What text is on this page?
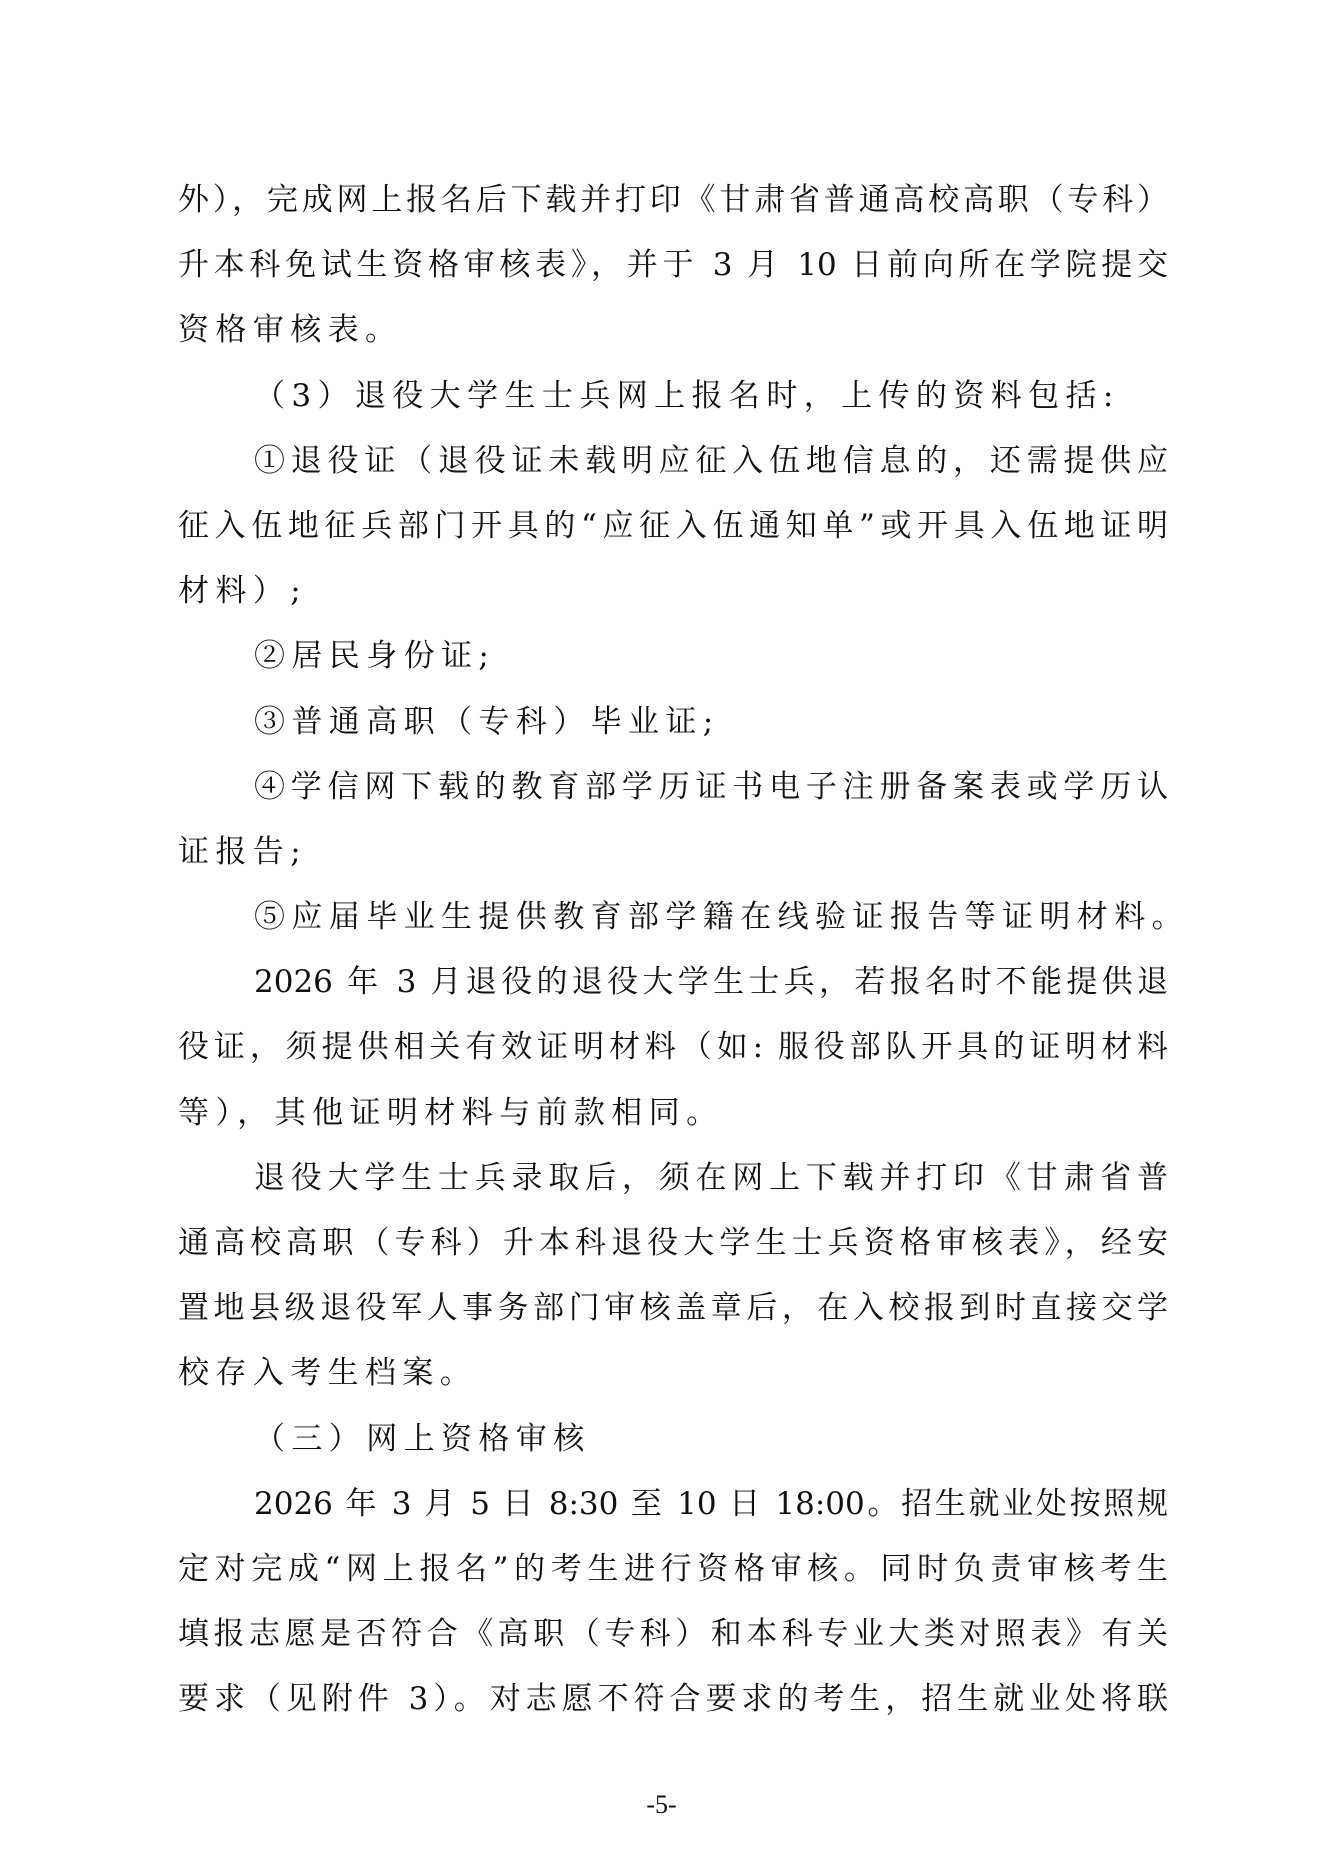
外），完成网上报名后下载并打印《甘肃省普通高校高职（专科）
升本科免试生资格审核表》，并于 3 月 10 日前向所在学院提交
资格审核表。
（3）退役大学生士兵网上报名时，上传的资料包括:
①退役证（退役证未载明应征入伍地信息的，还需提供应
征入伍地征兵部门开具的“应征入伍通知单”或开具入伍地证明
材料）;
②居民身份证;
③普通高职（专科）毕业证;
④学信网下载的教育部学历证书电子注册备案表或学历认
证报告;
⑤应届毕业生提供教育部学籍在线验证报告等证明材料。
2026 年 3 月退役的退役大学生士兵，若报名时不能提供退
役证，须提供相关有效证明材料（如: 服役部队开具的证明材料
等），其他证明材料与前款相同。
退役大学生士兵录取后，须在网上下载并打印《甘肃省普
通高校高职（专科）升本科退役大学生士兵资格审核表》，经安
置地县级退役军人事务部门审核盖章后，在入校报到时直接交学
校存入考生档案。
（三）网上资格审核
2026 年 3 月 5 日 8:30 至 10 日 18:00。招生就业处按照规
定对完成“网上报名”的考生进行资格审核。同时负责审核考生
填报志愿是否符合《高职（专科）和本科专业大类对照表》有关
要求（见附件 3）。对志愿不符合要求的考生，招生就业处将联
-5-
